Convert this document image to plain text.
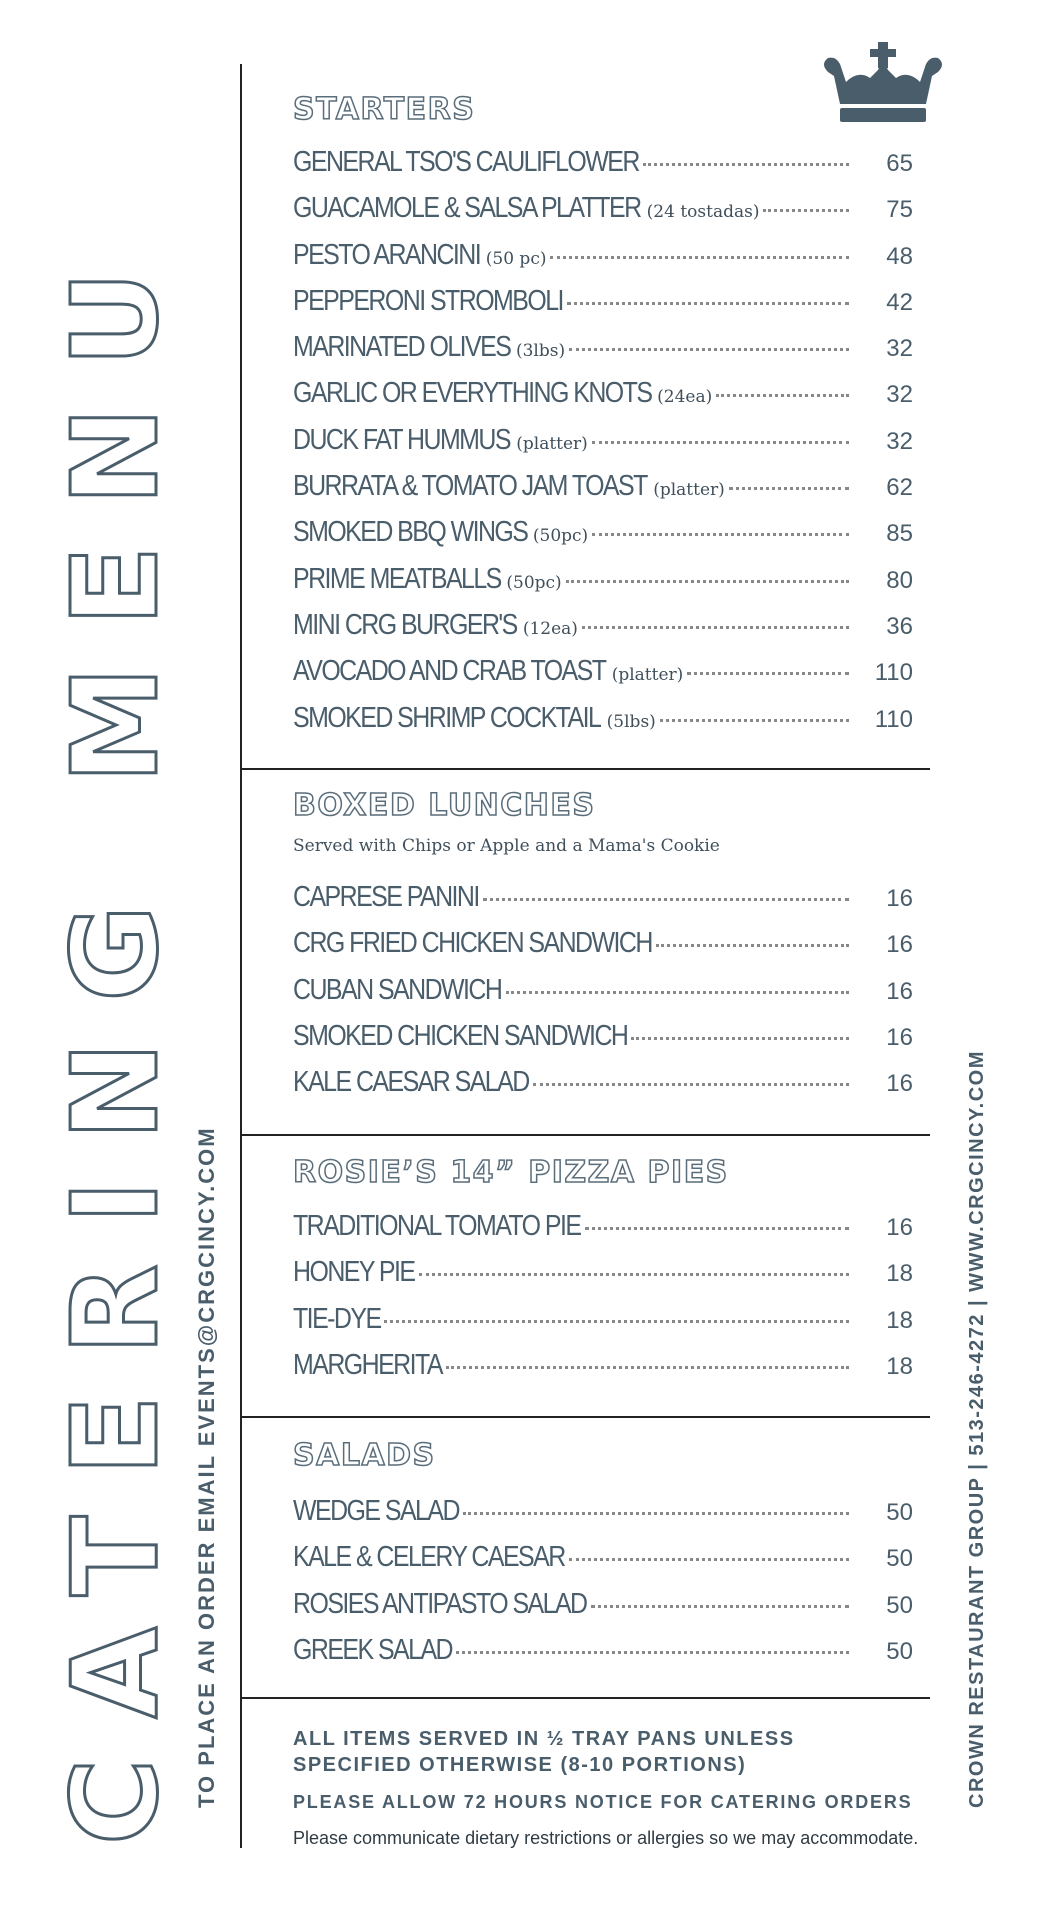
CATERING MENU TO PLACE AN ORDER EMAIL EVENTS@CRGCINCY.COM	CROWN RESTAURANT GROUP | 513-246-4272 | WWW.CRGCINCY.COM
STARTERS
GENERAL TSO'S CAULIFLOWER	65
GUACAMOLE & SALSA PLATTER (24 tostadas)	75
PESTO ARANCINI (50 pc)	48
PEPPERONI STROMBOLI	42
MARINATED OLIVES (3lbs)	32
GARLIC OR EVERYTHING KNOTS (24ea)	32
DUCK FAT HUMMUS (platter)	32
BURRATA & TOMATO JAM TOAST (platter)	62
SMOKED BBQ WINGS (50pc)	85
PRIME MEATBALLS (50pc)	80
MINI CRG BURGER'S (12ea)	36
AVOCADO AND CRAB TOAST (platter)	110
SMOKED SHRIMP COCKTAIL (5lbs)	110
BOXED LUNCHES
Served with Chips or Apple and a Mama's Cookie
CAPRESE PANINI	16
CRG FRIED CHICKEN SANDWICH	16
CUBAN SANDWICH	16
SMOKED CHICKEN SANDWICH	16
KALE CAESAR SALAD	16
ROSIE’S 14” PIZZA PIES
TRADITIONAL TOMATO PIE	16
HONEY PIE	18
TIE-DYE	18
MARGHERITA	18
SALADS
WEDGE SALAD	50
KALE & CELERY CAESAR	50
ROSIES ANTIPASTO SALAD	50
GREEK SALAD	50
ALL ITEMS SERVED IN ½ TRAY PANS UNLESS
SPECIFIED OTHERWISE (8-10 PORTIONS)
PLEASE ALLOW 72 HOURS NOTICE FOR CATERING ORDERS
Please communicate dietary restrictions or allergies so we may accommodate.
